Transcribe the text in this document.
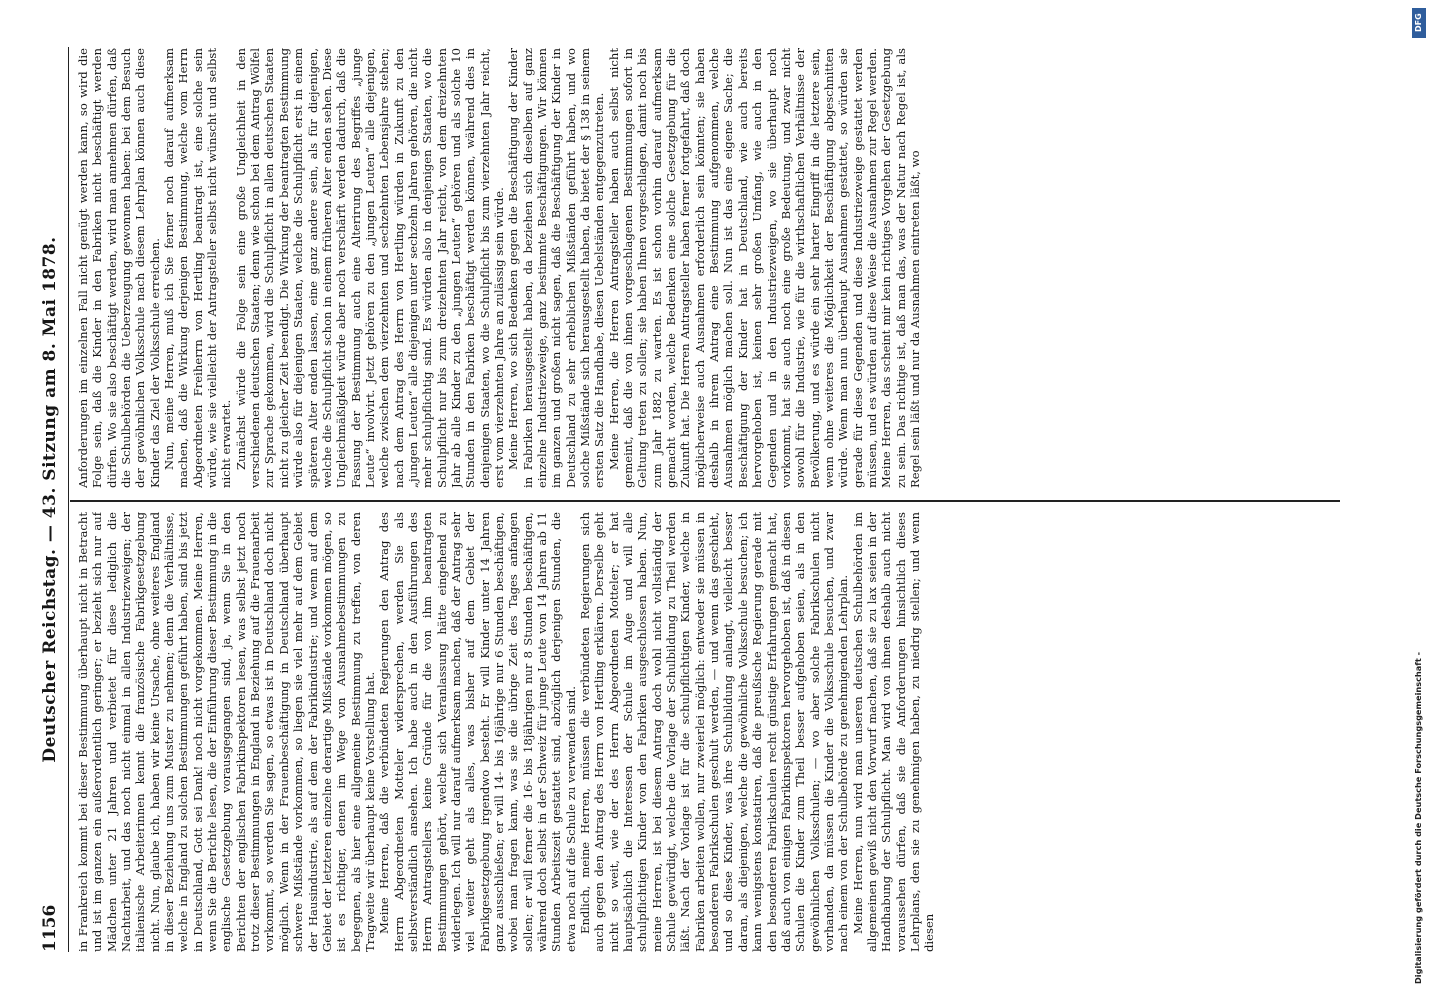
1156
Deutscher Reichstag. — 43. Sitzung am 8. Mai 1878. in Frankreich kommt bei dieser Bestimmung überhaupt nicht in Betracht und ist im ganzen ein außerordentlich geringer; er bezieht sich nur auf Mädchen unter 21 Jahren und verbietet für diese lediglich die Nachtarbeit, und das noch nicht einmal in allen Industriezweigen; der italienische Arbeiterinnen kennt die französische Fabrikgesetzgebung nicht. Nun, glaube ich, haben wir keine Ursache, ohne weiteres England in dieser Beziehung uns zum Muster zu nehmen; denn die Verhältnisse, welche in England zu solchen Bestimmungen geführt haben, sind bis jetzt in Deutschland, Gott sei Dank! noch nicht vorgekommen. Meine Herren, wenn Sie die Berichte lesen, die der Einführung dieser Bestimmung in die englische Gesetzgebung vorausgegangen sind, ja, wenn Sie in den Berichten der englischen Fabrikinspektoren lesen, was selbst jetzt noch trotz dieser Bestimmungen in England in Beziehung auf die Frauenarbeit vorkommt, so werden Sie sagen, so etwas ist in Deutschland doch nicht möglich. Wenn in der Frauenbeschäftigung in Deutschland überhaupt schwere Mißstände vorkommen, so liegen sie viel mehr auf dem Gebiet der Hausindustrie, als auf dem der Fabrikindustrie; und wenn auf dem Gebiet der letzteren einzelne derartige Mißstände vorkommen mögen, so ist es richtiger, denen im Wege von Ausnahmebestimmungen zu begegnen, als hier eine allgemeine Bestimmung zu treffen, von deren Tragweite wir überhaupt keine Vorstellung hat. Meine Herren, daß die verbündeten Regierungen den Antrag des Herrn Abgeordneten Motteler widersprechen, werden Sie als selbstverständlich ansehen. Ich habe auch in den Ausführungen des Herrn Antragstellers keine Gründe für die von ihm beantragten Bestimmungen gehört, welche sich Veranlassung hätte eingehend zu widerlegen. Ich will nur darauf aufmerksam machen, daß der Antrag sehr viel weiter geht als alles, was bisher auf dem Gebiet der Fabrikgesetzgebung irgendwo besteht. Er will Kinder unter 14 Jahren ganz ausschließen; er will 14- bis 16jährige nur 6 Stunden beschäftigen, wobei man fragen kann, was sie die übrige Zeit des Tages anfangen sollen; er will ferner die 16- bis 18jährigen nur 8 Stunden beschäftigen, während doch selbst in der Schweiz für junge Leute von 14 Jahren ab 11 Stunden Arbeitszeit gestattet sind, abzüglich derjenigen Stunden, die etwa noch auf die Schule zu verwenden sind. Endlich, meine Herren, müssen die verbündeten Regierungen sich auch gegen den Antrag des Herrn von Hertling erklären. Derselbe geht nicht so weit, wie der des Herrn Abgeordneten Motteler; er hat hauptsächlich die Interessen der Schule im Auge und will alle schulpflichtigen Kinder von den Fabriken ausgeschlossen haben. Nun, meine Herren, ist bei diesem Antrag doch wohl nicht vollständig der Schule gewürdigt, welche die Vorlage der Schulbildung zu Theil werden läßt. Nach der Vorlage ist für die schulpflichtigen Kinder, welche in Fabriken arbeiten wollen, nur zweierlei möglich: entweder sie müssen in besonderen Fabrikschulen geschult werden, — und wenn das geschieht, und so diese Kinder, was ihre Schulbildung anlangt, vielleicht besser daran, als diejenigen, welche die gewöhnliche Volksschule besuchen; ich kann wenigstens konstatiren, daß die preußische Regierung gerade mit den besonderen Fabrikschulen recht günstige Erfahrungen gemacht hat, daß auch von einigen Fabrikinspektoren hervorgehoben ist, daß in diesen Schulen die Kinder zum Theil besser aufgehoben seien, als in den gewöhnlichen Volksschulen; — wo aber solche Fabrikschulen nicht vorhanden, da müssen die Kinder die Volksschule besuchen, und zwar nach einem von der Schulbehörde zu genehmigenden Lehrplan. Meine Herren, nun wird man unseren deutschen Schulbehörden im allgemeinen gewiß nicht den Vorwurf machen, daß sie zu lax seien in der Handhabung der Schulpflicht. Man wird von ihnen deshalb auch nicht voraussehen dürfen, daß sie die Anforderungen hinsichtlich dieses Lehrplans, den sie zu genehmigen haben, zu niedrig stellen; und wenn diesen

Anforderungen im einzelnen Fall nicht genügt werden kann, so wird die Folge sein, daß die Kinder in den Fabriken nicht beschäftigt werden dürfen. Wo sie also beschäftigt werden, wird man annehmen dürfen, daß die Schulbehörden die Ueberzeugung gewonnen haben: bei dem Besuch der gewöhnlichen Volksschule nach diesem Lehrplan können auch diese Kinder das Ziel der Volksschule erreichen. Nun, meine Herren, muß ich Sie ferner noch darauf aufmerksam machen, daß die Wirkung derjenigen Bestimmung, welche vom Herrn Abgeordneten Freiherrn von Hertling beantragt ist, eine solche sein würde, wie sie vielleicht der Antragsteller selbst nicht wünscht und selbst nicht erwartet. Zunächst würde die Folge sein eine große Ungleichheit in den verschiedenen deutschen Staaten; denn wie schon bei dem Antrag Wölfel zur Sprache gekommen, wird die Schulpflicht in allen deutschen Staaten nicht zu gleicher Zeit beendigt. Die Wirkung der beantragten Bestimmung würde also für diejenigen Staaten, welche die Schulpflicht erst in einem späteren Alter enden lassen, eine ganz andere sein, als für diejenigen, welche die Schulpflicht schon in einem früheren Alter enden sehen. Diese Ungleichmäßigkeit würde aber noch verschärft werden dadurch, daß die Fassung der Bestimmung auch eine Alterirung des Begriffes „junge Leute“ involvirt. Jetzt gehören zu den „jungen Leuten“ alle diejenigen, welche zwischen dem vierzehnten und sechzehnten Lebensjahre stehen; nach dem Antrag des Herrn von Hertling würden in Zukunft zu den „jungen Leuten“ alle diejenigen unter sechzehn Jahren gehören, die nicht mehr schulpflichtig sind. Es würden also in denjenigen Staaten, wo die Schulpflicht nur bis zum dreizehnten Jahr reicht, von dem dreizehnten Jahr ab alle Kinder zu den „jungen Leuten“ gehören und als solche 10 Stunden in den Fabriken beschäftigt werden können, während dies in denjenigen Staaten, wo die Schulpflicht bis zum vierzehnten Jahr reicht, erst vom vierzehnten Jahre an zulässig sein würde. Meine Herren, wo sich Bedenken gegen die Beschäftigung der Kinder in Fabriken herausgestellt haben, da beziehen sich dieselben auf ganz einzelne Industriezweige, ganz bestimmte Beschäftigungen. Wir können im ganzen und großen nicht sagen, daß die Beschäftigung der Kinder in Deutschland zu sehr erheblichen Mißständen geführt haben, und wo solche Mißstände sich herausgestellt haben, da bietet der § 138 in seinem ersten Satz die Handhabe, diesen Uebelständen entgegenzutreten. Meine Herren, die Herren Antragsteller haben auch selbst nicht gemeint, daß die von ihnen vorgeschlagenen Bestimmungen sofort in Geltung treten zu sollen; sie haben Ihnen vorgeschlagen, damit noch bis zum Jahr 1882 zu warten. Es ist schon vorhin darauf aufmerksam gemacht worden, welche Bedenken eine solche Gesetzgebung für die Zukunft hat. Die Herren Antragsteller haben ferner fortgefahrt, daß doch möglicherweise auch Ausnahmen erforderlich sein könnten; sie haben deshalb in ihrem Antrag eine Bestimmung aufgenommen, welche Ausnahmen möglich machen soll. Nun ist das eine eigene Sache; die Beschäftigung der Kinder hat in Deutschland, wie auch bereits hervorgehoben ist, keinen sehr großen Umfang, wie auch in den Gegenden und in den Industriezweigen, wo sie überhaupt noch vorkommt, hat sie auch noch eine große Bedeutung, und zwar nicht sowohl für die Industrie, wie für die wirthschaftlichen Verhältnisse der Bevölkerung, und es würde ein sehr harter Eingriff in die letztere sein, wenn ohne weiteres die Möglichkeit der Beschäftigung abgeschnitten würde. Wenn man nun überhaupt Ausnahmen gestattet, so würden sie gerade für diese Gegenden und diese Industriezweige gestattet werden müssen, und es würden auf diese Weise die Ausnahmen zur Regel werden. Meine Herren, das scheint mir kein richtiges Vorgehen der Gesetzgebung zu sein. Das richtige ist, daß man das, was der Natur nach Regel ist, als Regel sein läßt und nur da Ausnahmen eintreten läßt, wo

DFG
Digitalisierung gefördert durch die Deutsche Forschungsgemeinschaft -
